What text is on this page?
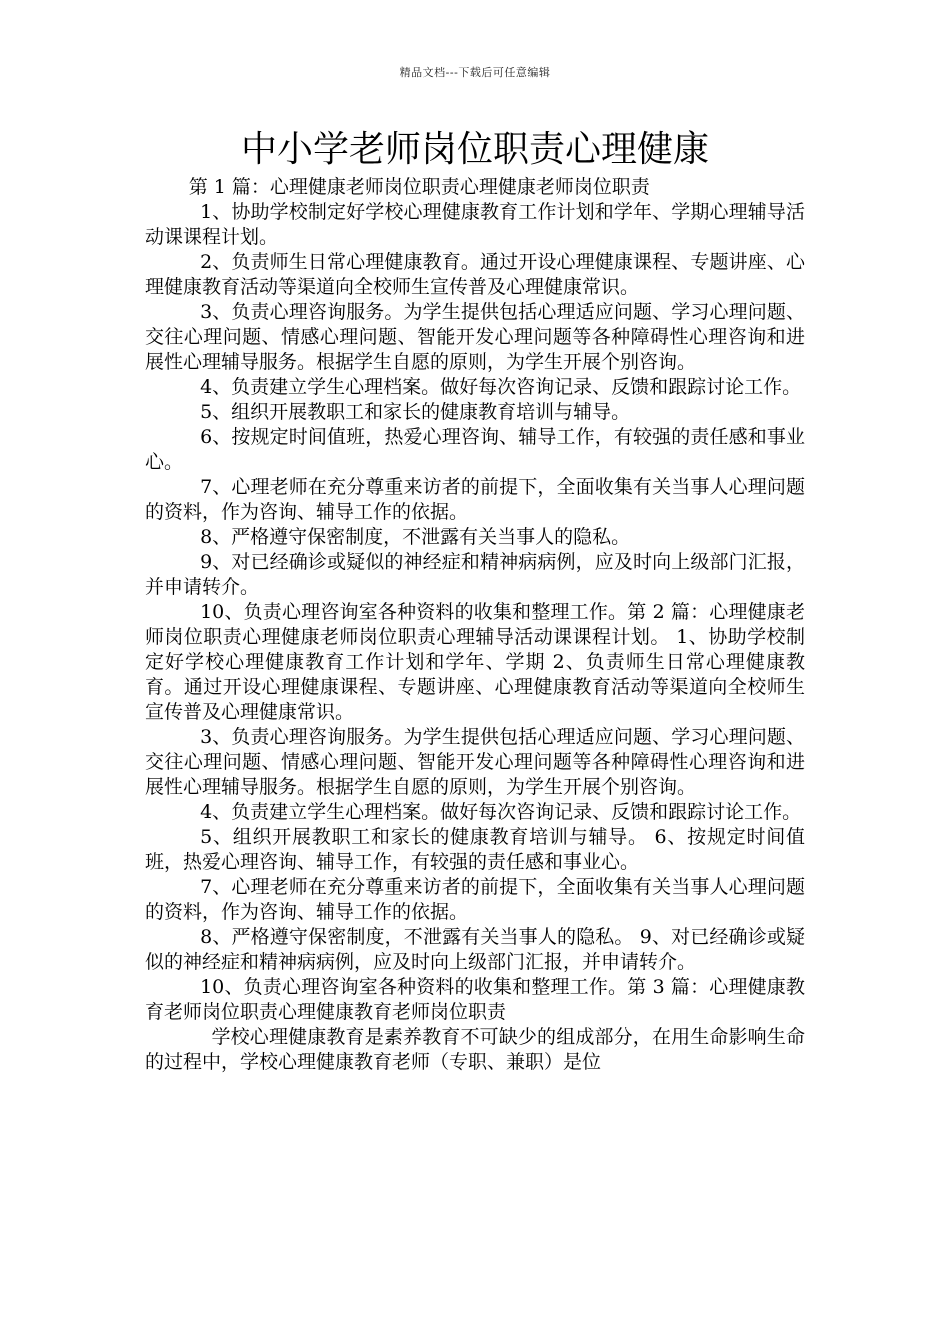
精品文档---下载后可任意编辑
中小学老师岗位职责心理健康

第 1 篇：心理健康老师岗位职责心理健康老师岗位职责

1、协助学校制定好学校心理健康教育工作计划和学年、学期心理辅导活动课课程计划。

2、负责师生日常心理健康教育。通过开设心理健康课程、专题讲座、心理健康教育活动等渠道向全校师生宣传普及心理健康常识。

3、负责心理咨询服务。为学生提供包括心理适应问题、学习心理问题、交往心理问题、情感心理问题、智能开发心理问题等各种障碍性心理咨询和进展性心理辅导服务。根据学生自愿的原则，为学生开展个别咨询。

4、负责建立学生心理档案。做好每次咨询记录、反馈和跟踪讨论工作。

5、组织开展教职工和家长的健康教育培训与辅导。

6、按规定时间值班，热爱心理咨询、辅导工作，有较强的责任感和事业心。

7、心理老师在充分尊重来访者的前提下，全面收集有关当事人心理问题的资料，作为咨询、辅导工作的依据。

8、严格遵守保密制度，不泄露有关当事人的隐私。

9、对已经确诊或疑似的神经症和精神病病例，应及时向上级部门汇报，并申请转介。

10、负责心理咨询室各种资料的收集和整理工作。第 2 篇：心理健康老师岗位职责心理健康老师岗位职责心理辅导活动课课程计划。 1、协助学校制定好学校心理健康教育工作计划和学年、学期 2、负责师生日常心理健康教育。通过开设心理健康课程、专题讲座、心理健康教育活动等渠道向全校师生宣传普及心理健康常识。

3、负责心理咨询服务。为学生提供包括心理适应问题、学习心理问题、交往心理问题、情感心理问题、智能开发心理问题等各种障碍性心理咨询和进展性心理辅导服务。根据学生自愿的原则，为学生开展个别咨询。

4、负责建立学生心理档案。做好每次咨询记录、反馈和跟踪讨论工作。

5、组织开展教职工和家长的健康教育培训与辅导。 6、按规定时间值班，热爱心理咨询、辅导工作，有较强的责任感和事业心。

7、心理老师在充分尊重来访者的前提下，全面收集有关当事人心理问题的资料，作为咨询、辅导工作的依据。

8、严格遵守保密制度，不泄露有关当事人的隐私。 9、对已经确诊或疑似的神经症和精神病病例，应及时向上级部门汇报，并申请转介。

10、负责心理咨询室各种资料的收集和整理工作。第 3 篇：心理健康教育老师岗位职责心理健康教育老师岗位职责

学校心理健康教育是素养教育不可缺少的组成部分，在用生命影响生命的过程中，学校心理健康教育老师（专职、兼职）是位
